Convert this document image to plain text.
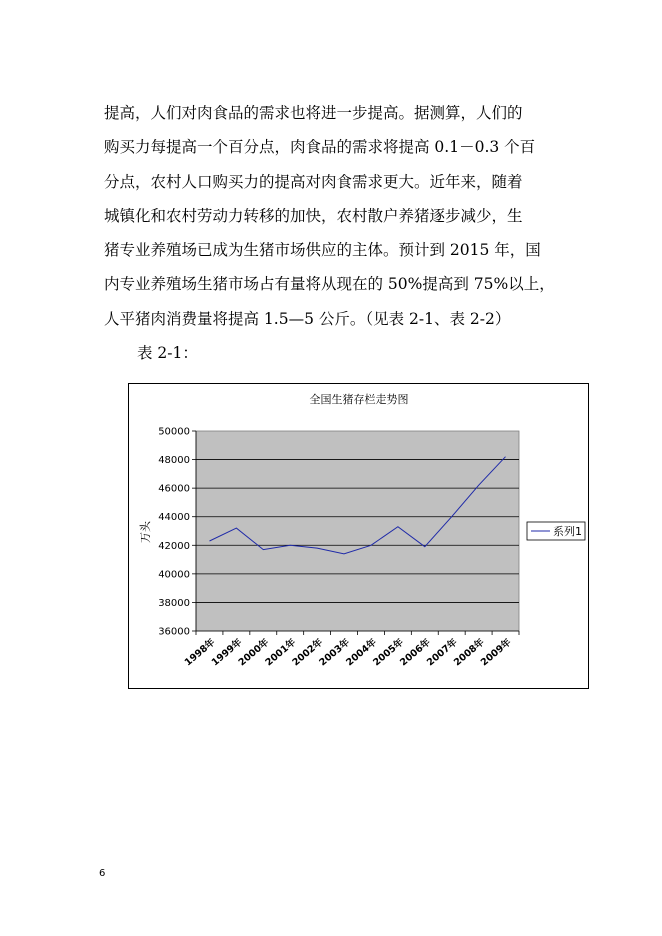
提高，人们对肉食品的需求也将进一步提高。据测算，人们的
购买力每提高一个百分点，肉食品的需求将提高 0.1－0.3 个百
分点，农村人口购买力的提高对肉食需求更大。近年来，随着
城镇化和农村劳动力转移的加快，农村散户养猪逐步减少，生
猪专业养殖场已成为生猪市场供应的主体。预计到 2015 年，国
内专业养殖场生猪市场占有量将从现在的 50%提高到 75%以上，
人平猪肉消费量将提高 1.5—5 公斤。（见表 2-1、表 2-2）
表 2-1：
全国生猪存栏走势图
50000
48000
46000
44000
42000
40000
38000
36000
1998年
1999年
2000年
2001年
2002年
2003年
2004年
2005年
2006年
2007年
2008年
2009年
万头	系列1
6
